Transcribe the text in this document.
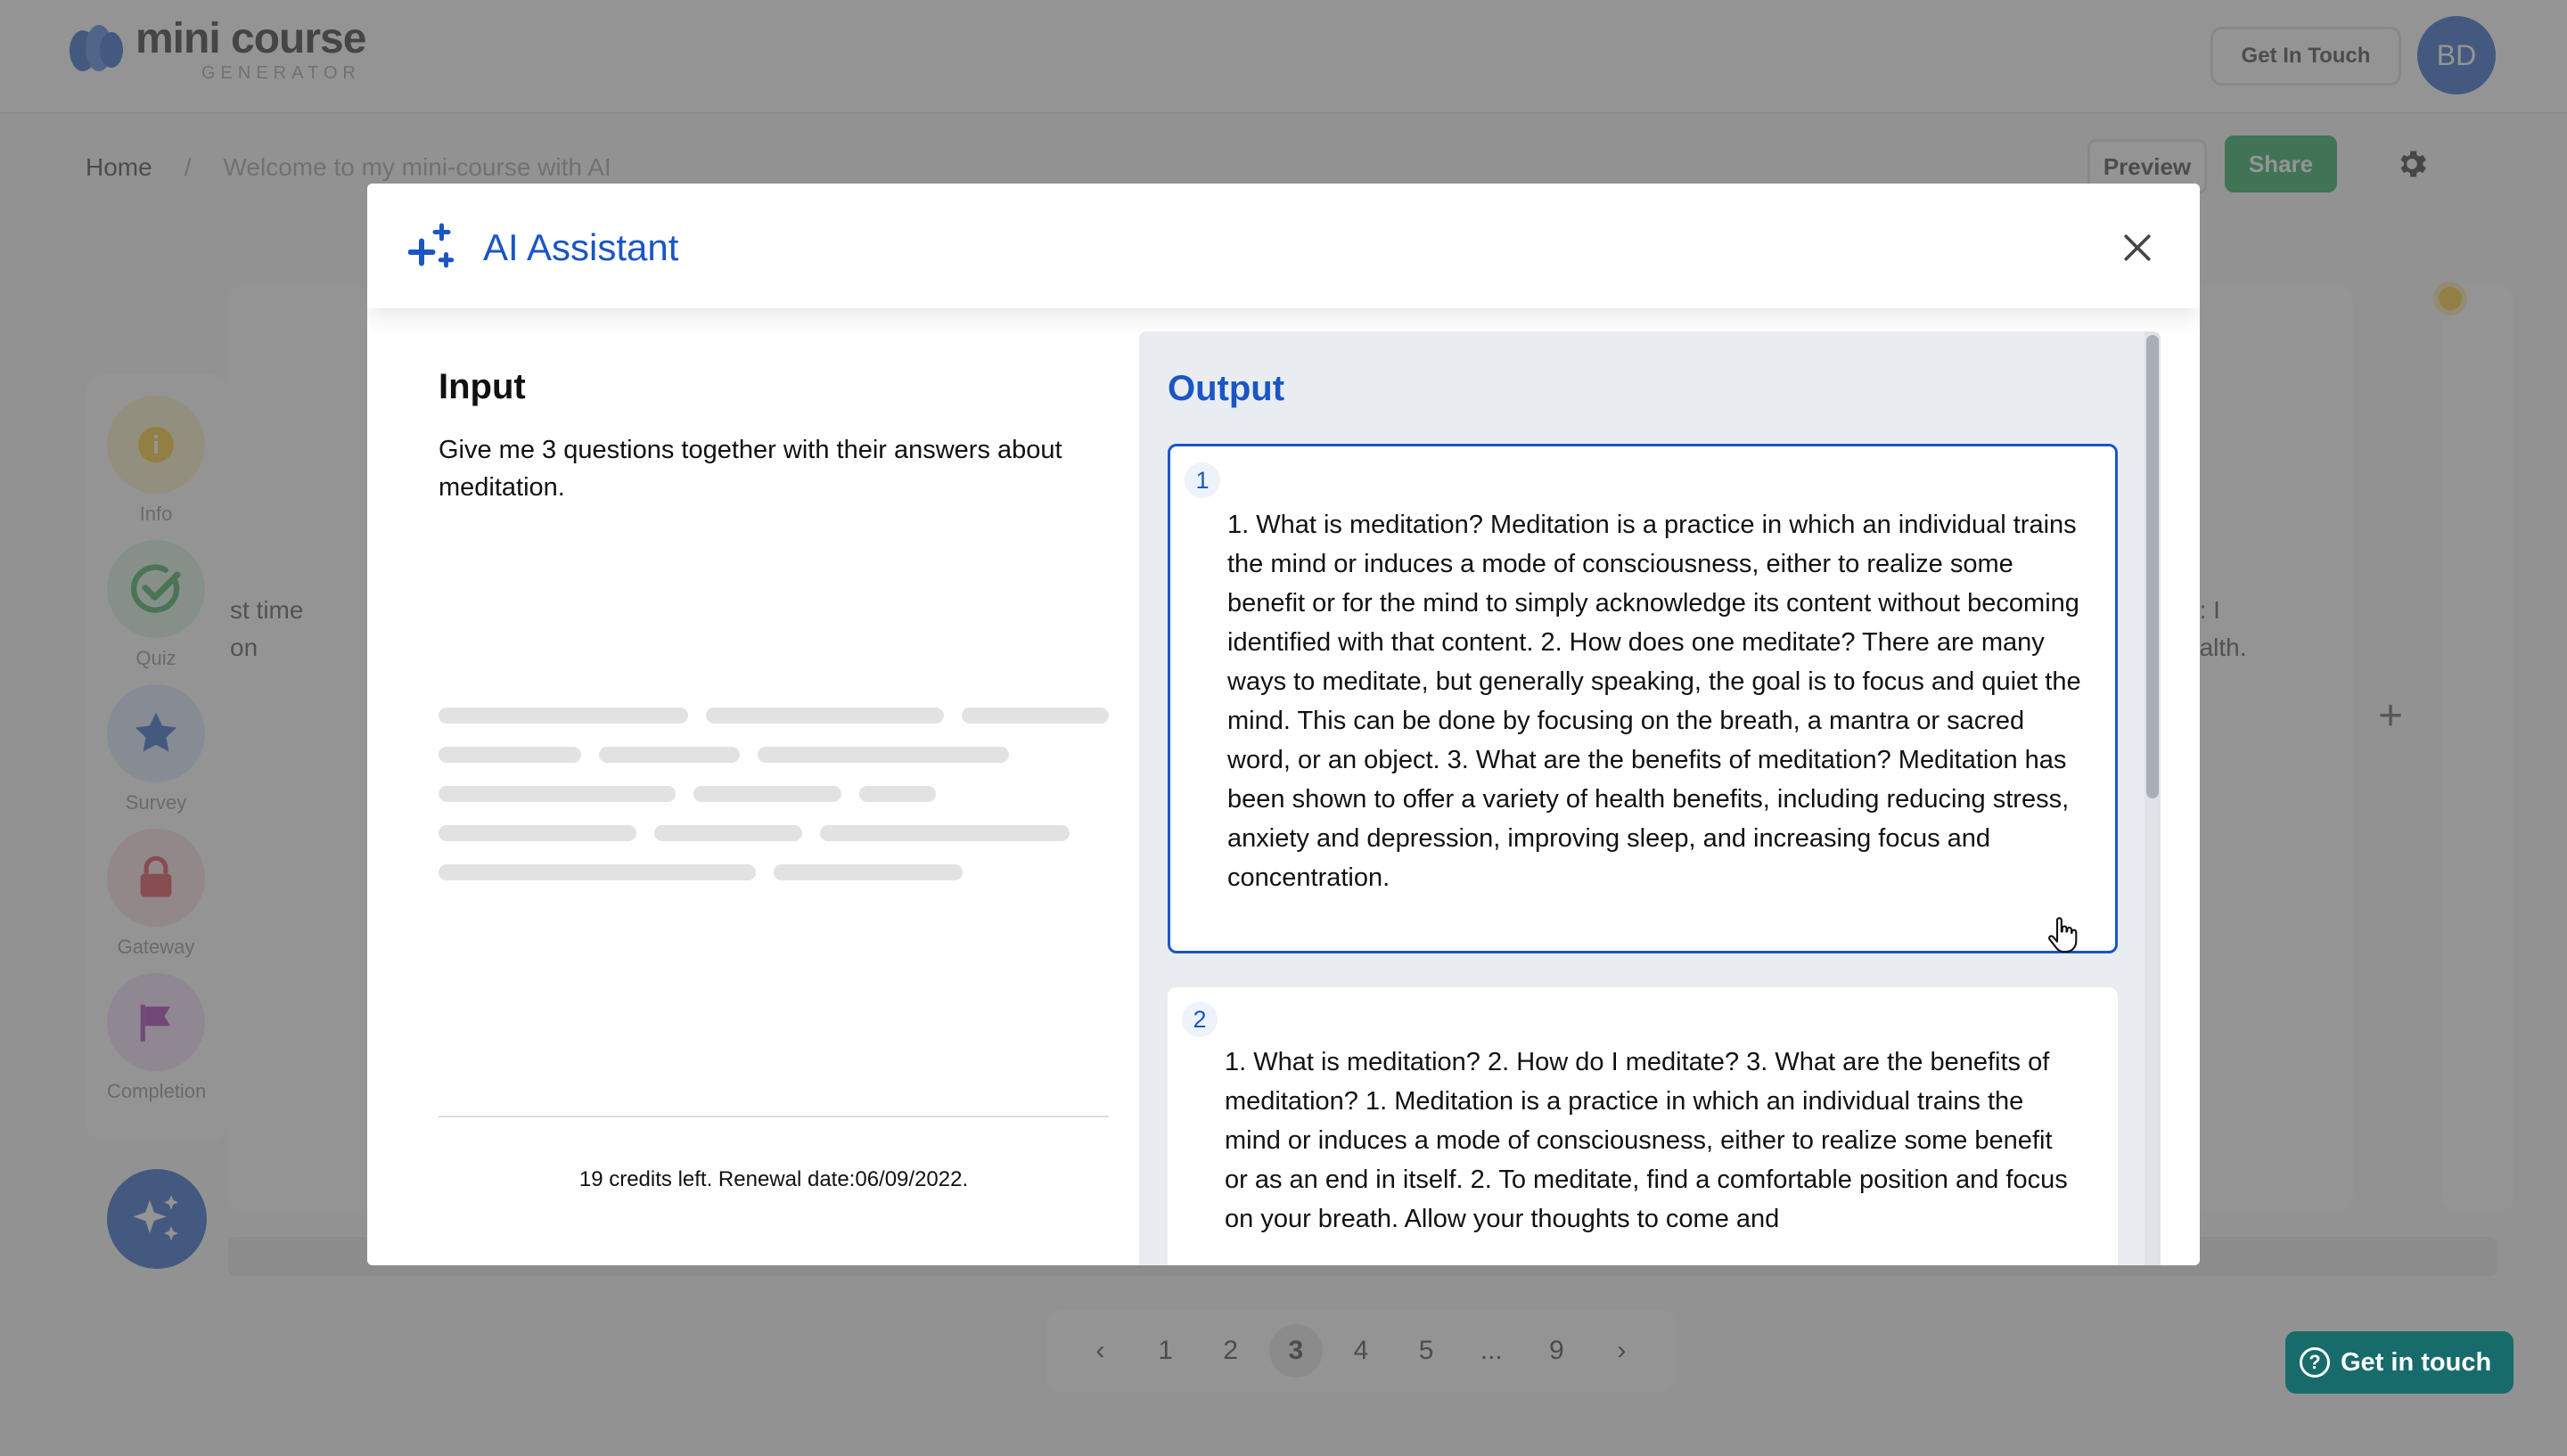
AI Assistant
Input
Give me 3 questions together with their answers about meditation.
19 credits left. Renewal date:06/09/2022.
Output
1
1. What is meditation? Meditation is a practice in which an individual trains the mind or induces a mode of consciousness, either to realize some benefit or for the mind to simply acknowledge its content without becoming identified with that content. 2. How does one meditate? There are many ways to meditate, but generally speaking, the goal is to focus and quiet the mind. This can be done by focusing on the breath, a mantra or sacred word, or an object. 3. What are the benefits of meditation? Meditation has been shown to offer a variety of health benefits, including reducing stress, anxiety and depression, improving sleep, and increasing focus and concentration.
2
1. What is meditation? 2. How do I meditate? 3. What are the benefits of meditation? 1. Meditation is a practice in which an individual trains the mind or induces a mode of consciousness, either to realize some benefit or as an end in itself. 2. To meditate, find a comfortable position and focus on your breath. Allow your thoughts to come and
? Get in touch
